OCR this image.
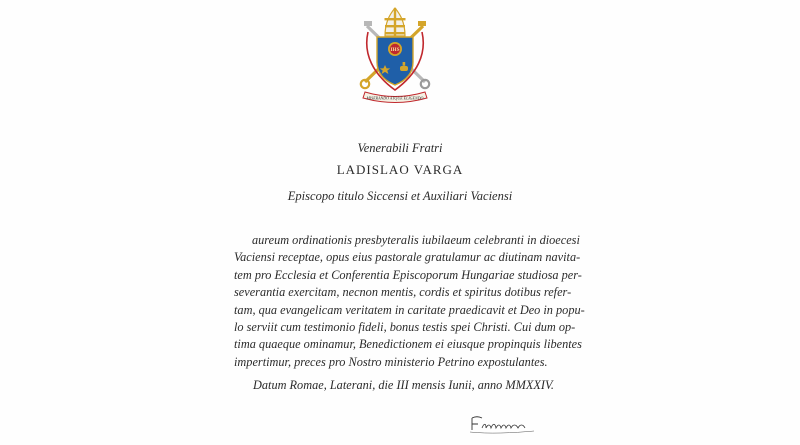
IHS
MISERANDO ATQUE ELIGENDO
Venerabili Fratri
LADISLAO VARGA
Episcopo titulo Siccensi et Auxiliari Vaciensi
aureum ordinationis presbyteralis iubilaeum celebranti in dioecesi
Vaciensi receptae, opus eius pastorale gratulamur ac diutinam navita-
tem pro Ecclesia et Conferentia Episcoporum Hungariae studiosa per-
severantia exercitam, necnon mentis, cordis et spiritus dotibus refer-
tam, qua evangelicam veritatem in caritate praedicavit et Deo in popu-
lo serviit cum testimonio fideli, bonus testis spei Christi. Cui dum op-
tima quaeque ominamur, Benedictionem ei eiusque propinquis libentes
impertimur, preces pro Nostro ministerio Petrino expostulantes.
Datum Romae, Laterani, die III mensis Iunii, anno MMXXIV.
